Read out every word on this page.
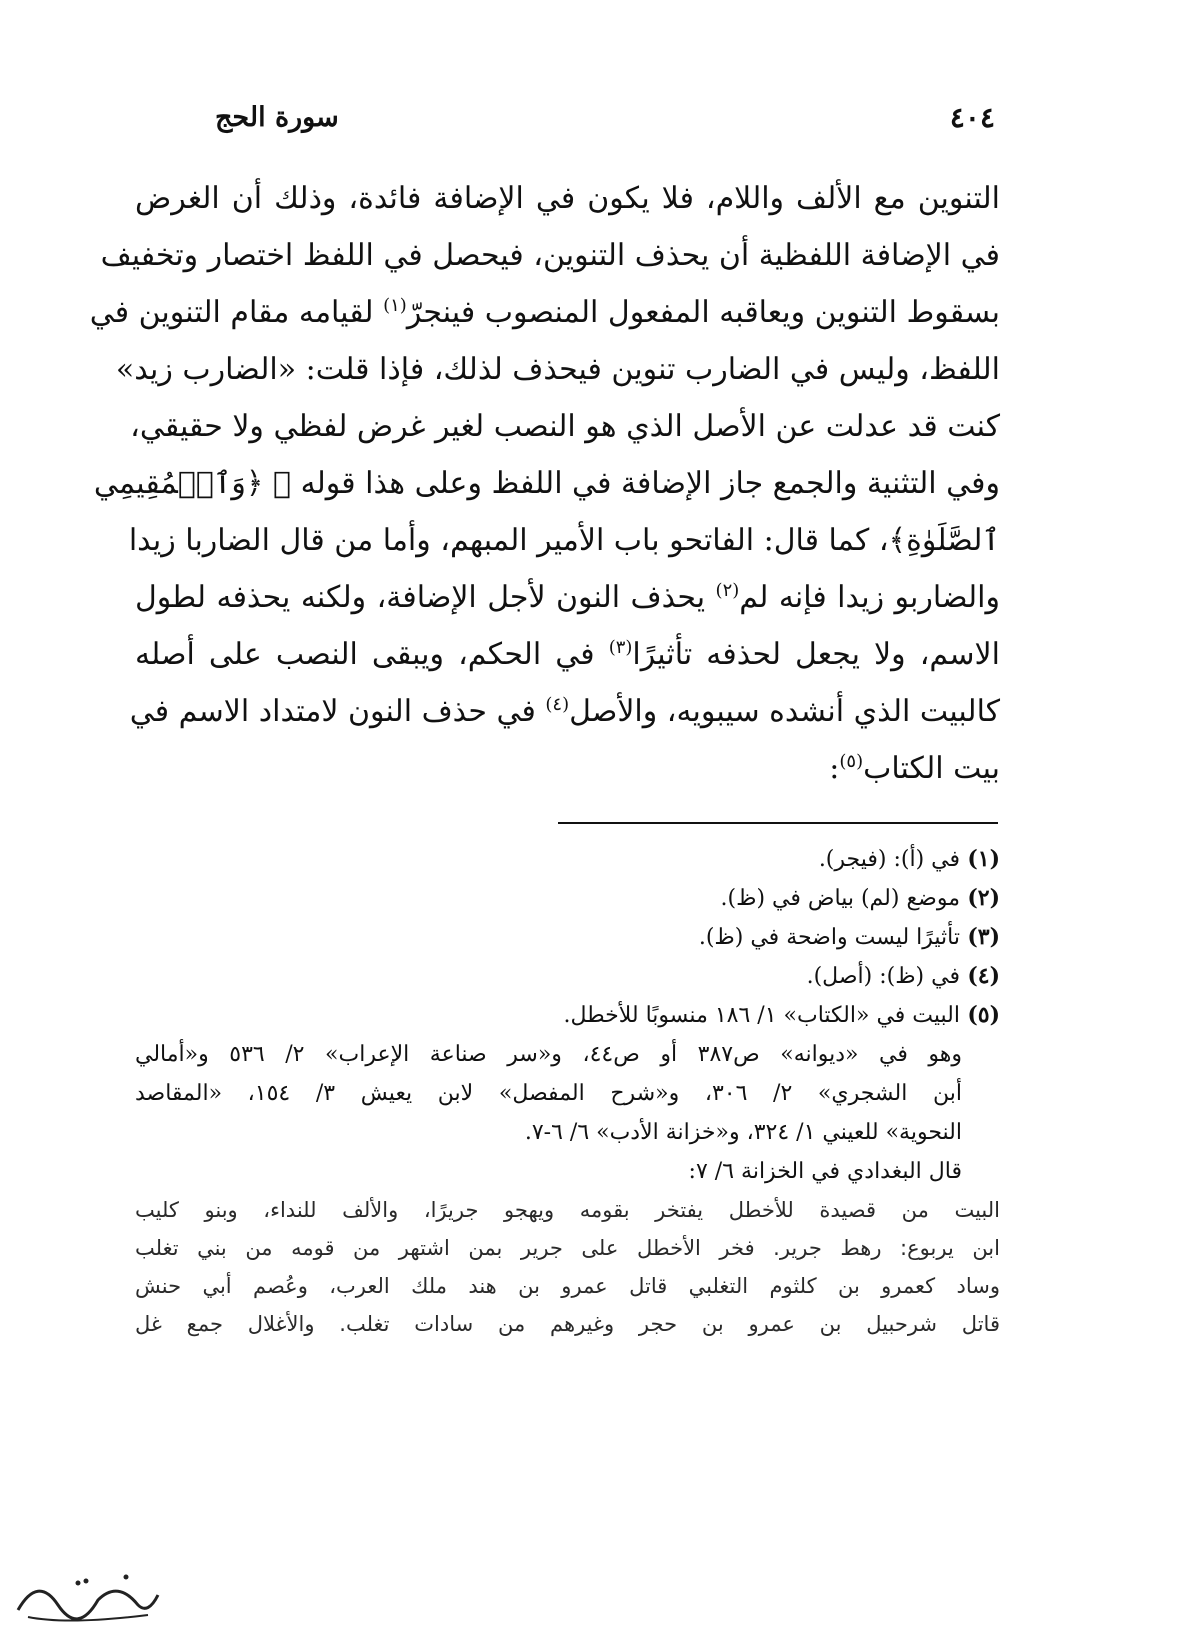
٤٠٤
سورة الحج
التنوين مع الألف واللام، فلا يكون في الإضافة فائدة، وذلك أن الغرض
في الإضافة اللفظية أن يحذف التنوين، فيحصل في اللفظ اختصار وتخفيف
بسقوط التنوين ويعاقبه المفعول المنصوب فينجرّ$^{(١)}$ لقيامه مقام التنوين في
اللفظ، وليس في الضارب تنوين فيحذف لذلك، فإذا قلت: «الضارب زيد»
كنت قد عدلت عن الأصل الذي هو النصب لغير غرض لفظي ولا حقيقي،
وفي التثنية والجمع جاز الإضافة في اللفظ وعلى هذا قوله ﷻ ﴿وَٱلۡمُقِيمِي
ٱلصَّلَوٰةِ﴾، كما قال: الفاتحو باب الأمير المبهم، وأما من قال الضاربا زيدا
والضاربو زيدا فإنه لم$^{(٢)}$ يحذف النون لأجل الإضافة، ولكنه يحذفه لطول
الاسم، ولا يجعل لحذفه تأثيرًا$^{(٣)}$ في الحكم، ويبقى النصب على أصله
كالبيت الذي أنشده سيبويه، والأصل$^{(٤)}$ في حذف النون لامتداد الاسم في
بيت الكتاب$^{(٥)}$:
(١)
في (أ): (فيجر).
(٢)
موضع (لم) بياض في (ظ).
(٣)
تأثيرًا ليست واضحة في (ظ).
(٤)
في (ظ): (أصل).
(٥)
البيت في «الكتاب» ١/ ١٨٦ منسوبًا للأخطل.
وهو في «ديوانه» ص٣٨٧ أو ص٤٤، و«سر صناعة الإعراب» ٢/ ٥٣٦ و«أمالي
أبن الشجري» ٢/ ٣٠٦، و«شرح المفصل» لابن يعيش ٣/ ١٥٤، «المقاصد
النحوية» للعيني ١/ ٣٢٤، و«خزانة الأدب» ٦/ ٦-٧.
قال البغدادي في الخزانة ٦/ ٧:
البيت من قصيدة للأخطل يفتخر بقومه ويهجو جريرًا، والألف للنداء، وبنو كليب
ابن يربوع: رهط جرير. فخر الأخطل على جرير بمن اشتهر من قومه من بني تغلب
وساد كعمرو بن كلثوم التغلبي قاتل عمرو بن هند ملك العرب، وعُصم أبي حنش
قاتل شرحبيل بن عمرو بن حجر وغيرهم من سادات تغلب. والأغلال جمع غل
